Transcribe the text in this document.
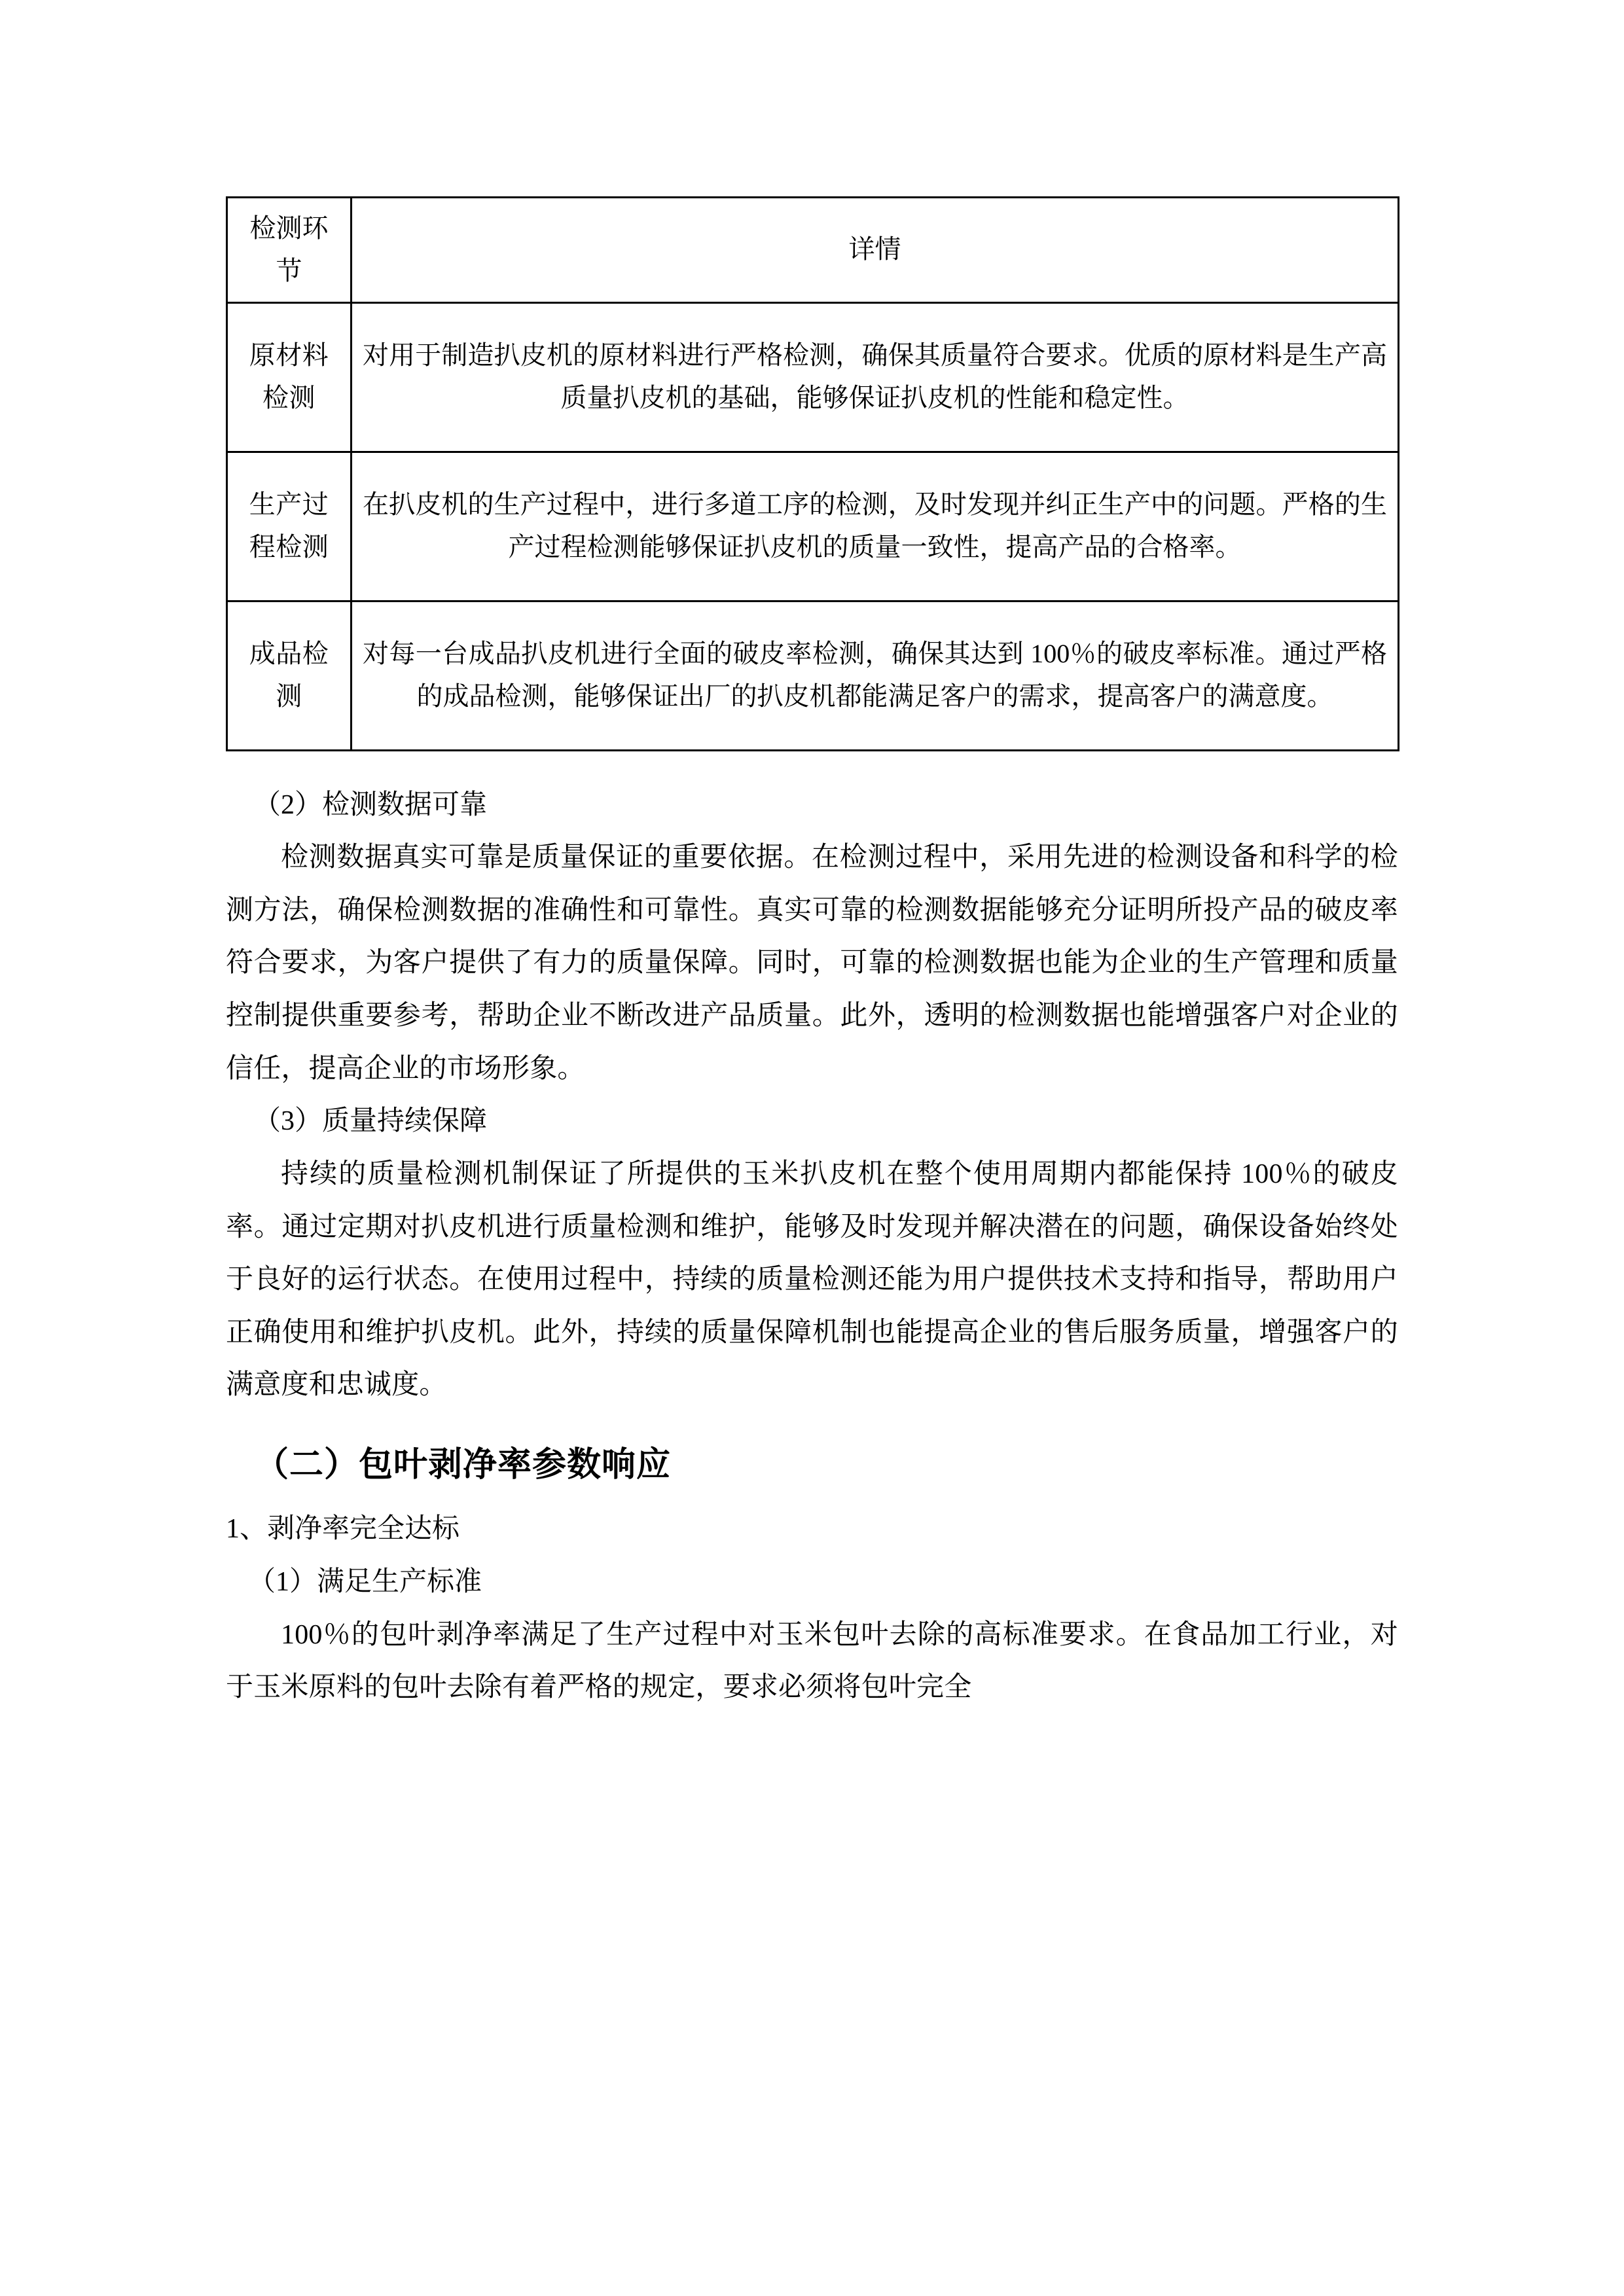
检测环节	详情
原材料检测	对用于制造扒皮机的原材料进行严格检测，确保其质量符合要求。优质的原材料是生产高质量扒皮机的基础，能够保证扒皮机的性能和稳定性。
生产过程检测	在扒皮机的生产过程中，进行多道工序的检测，及时发现并纠正生产中的问题。严格的生产过程检测能够保证扒皮机的质量一致性，提高产品的合格率。
成品检测	对每一台成品扒皮机进行全面的破皮率检测，确保其达到 100％的破皮率标准。通过严格的成品检测，能够保证出厂的扒皮机都能满足客户的需求，提高客户的满意度。

（2）检测数据可靠

检测数据真实可靠是质量保证的重要依据。在检测过程中，采用先进的检测设备和科学的检测方法，确保检测数据的准确性和可靠性。真实可靠的检测数据能够充分证明所投产品的破皮率符合要求，为客户提供了有力的质量保障。同时，可靠的检测数据也能为企业的生产管理和质量控制提供重要参考，帮助企业不断改进产品质量。此外，透明的检测数据也能增强客户对企业的信任，提高企业的市场形象。

（3）质量持续保障

持续的质量检测机制保证了所提供的玉米扒皮机在整个使用周期内都能保持 100％的破皮率。通过定期对扒皮机进行质量检测和维护，能够及时发现并解决潜在的问题，确保设备始终处于良好的运行状态。在使用过程中，持续的质量检测还能为用户提供技术支持和指导，帮助用户正确使用和维护扒皮机。此外，持续的质量保障机制也能提高企业的售后服务质量，增强客户的满意度和忠诚度。

（二）包叶剥净率参数响应

1、剥净率完全达标

（1）满足生产标准

100％的包叶剥净率满足了生产过程中对玉米包叶去除的高标准要求。在食品加工行业，对于玉米原料的包叶去除有着严格的规定，要求必须将包叶完全
